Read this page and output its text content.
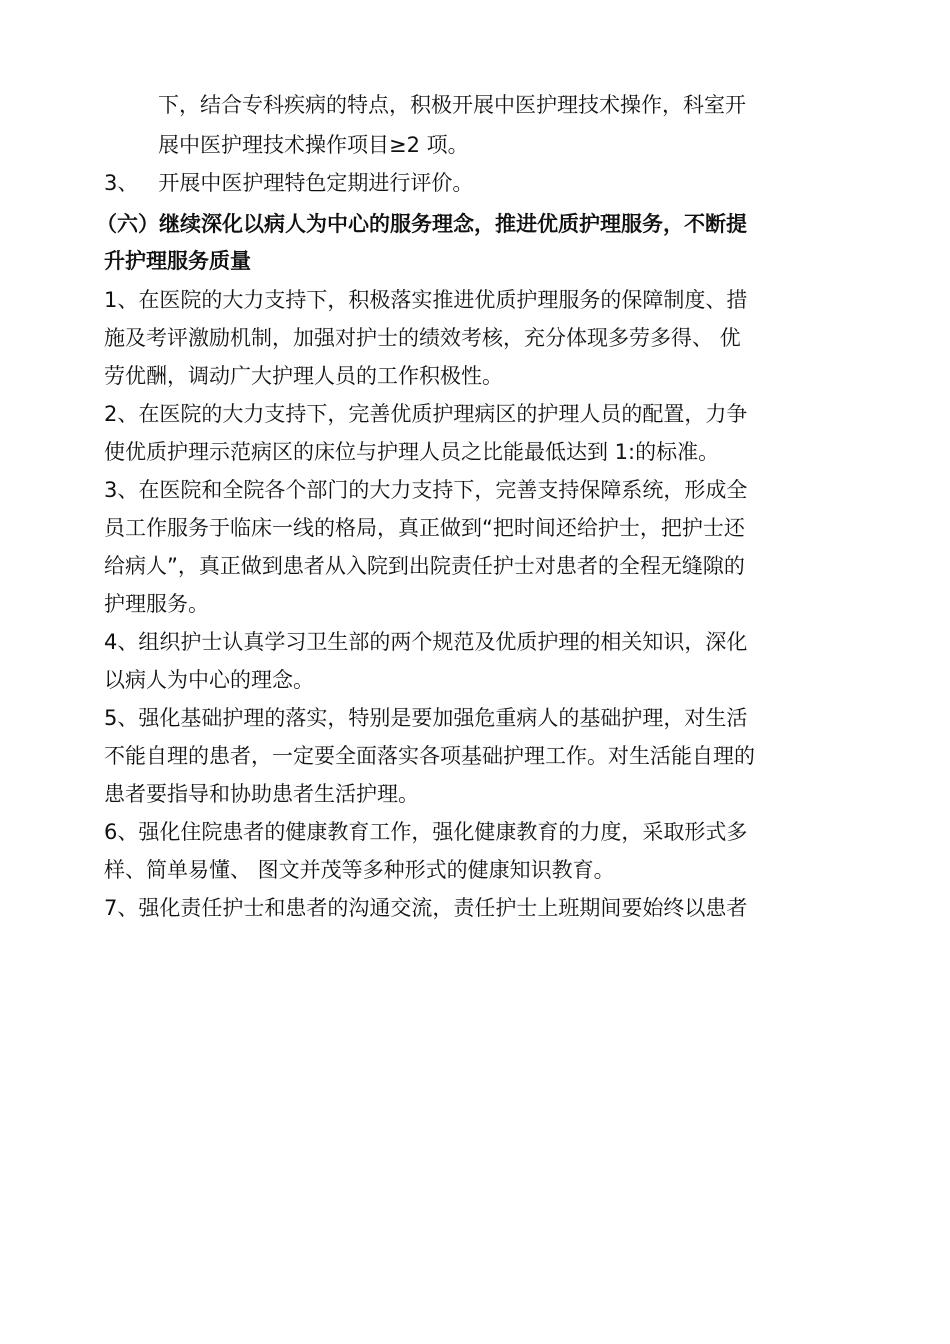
下，结合专科疾病的特点，积极开展中医护理技术操作，科室开
展中医护理技术操作项目≥2 项。
3、   开展中医护理特色定期进行评价。
（六）继续深化以病人为中心的服务理念，推进优质护理服务，不断提
升护理服务质量
1、在医院的大力支持下，积极落实推进优质护理服务的保障制度、措
施及考评激励机制，加强对护士的绩效考核，充分体现多劳多得、 优
劳优酬，调动广大护理人员的工作积极性。
2、在医院的大力支持下，完善优质护理病区的护理人员的配置，力争
使优质护理示范病区的床位与护理人员之比能最低达到 1:的标准。
3、在医院和全院各个部门的大力支持下，完善支持保障系统，形成全
员工作服务于临床一线的格局，真正做到“把时间还给护士，把护士还
给病人”，真正做到患者从入院到出院责任护士对患者的全程无缝隙的
护理服务。
4、组织护士认真学习卫生部的两个规范及优质护理的相关知识，深化
以病人为中心的理念。
5、强化基础护理的落实，特别是要加强危重病人的基础护理，对生活
不能自理的患者，一定要全面落实各项基础护理工作。对生活能自理的
患者要指导和协助患者生活护理。
6、强化住院患者的健康教育工作，强化健康教育的力度，采取形式多
样、简单易懂、 图文并茂等多种形式的健康知识教育。
7、强化责任护士和患者的沟通交流，责任护士上班期间要始终以患者
